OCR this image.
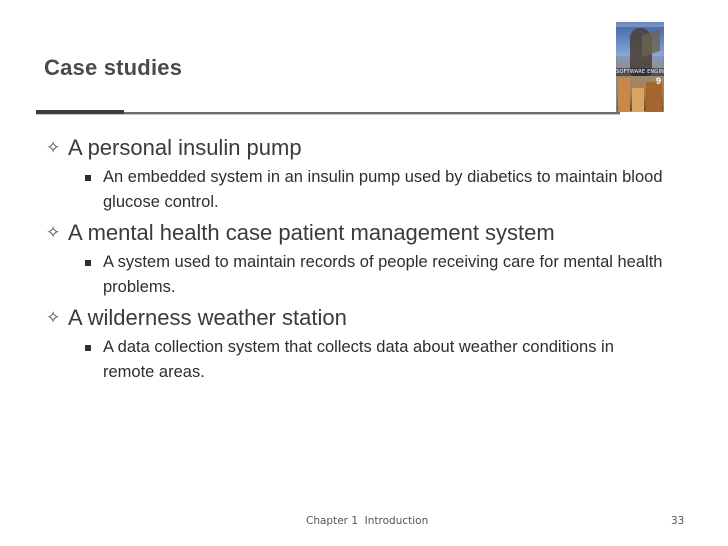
Case studies	SOFTWARE ENGINEERING
9
✧ A personal insulin pump
An embedded system in an insulin pump used by diabetics to maintain blood glucose control.
✧ A mental health case patient management system
A system used to maintain records of people receiving care for mental health problems.
✧ A wilderness weather station
A data collection system that collects data about weather conditions in remote areas.
Chapter 1  Introduction	33
